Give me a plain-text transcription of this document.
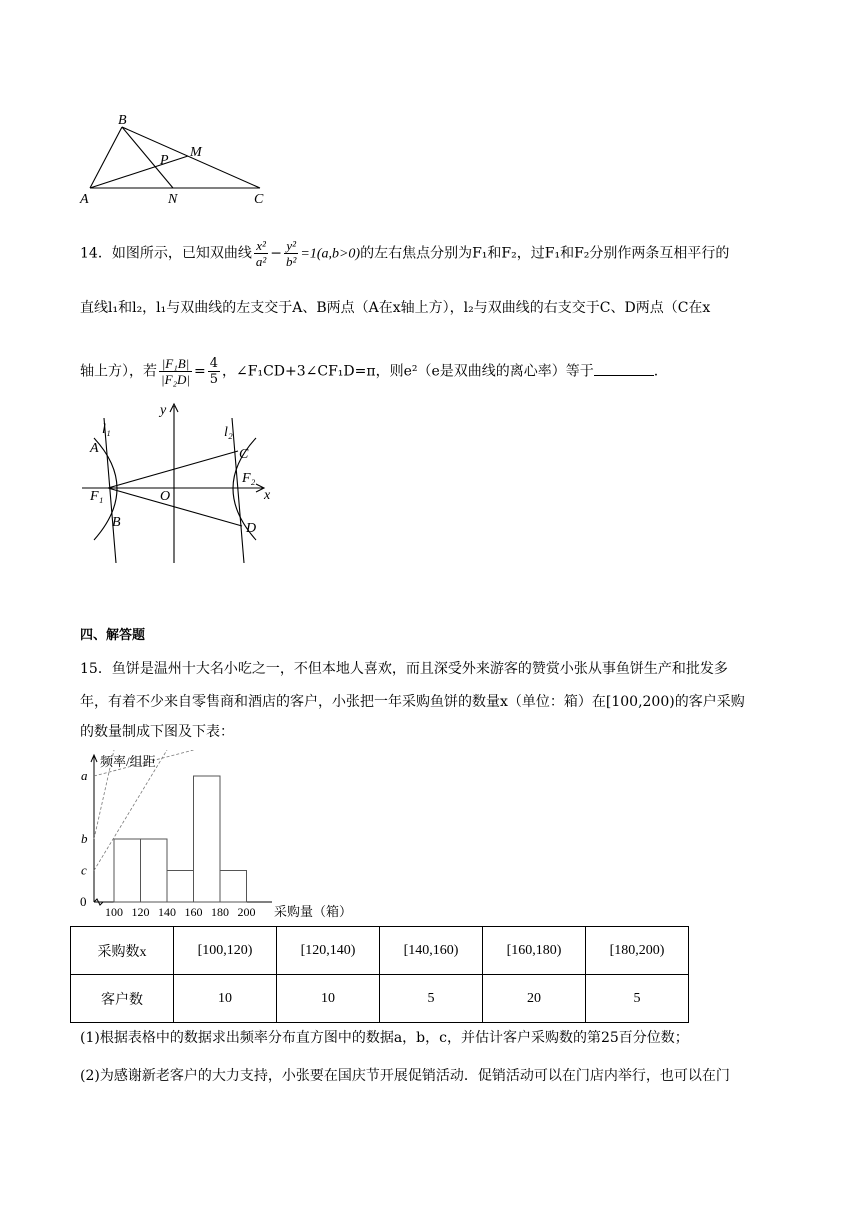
B
M
P
A	N	C
14．如图所示，已知双曲线 $\frac{\text{x²}}{\text{a²}} - \frac{\text{y²}}{\text{b²}} =1(a,b>0)$的左右焦点分别为F₁和F₂，过F₁和F₂分别作两条互相平行的
直线l₁和l₂，l₁与双曲线的左支交于A、B两点（A在x轴上方），l₂与双曲线的右支交于C、D两点（C在x
轴上方），若 $\frac{\text{|F₁B|}}{\text{|F₂D|}} = \frac{4}{5}$ ，∠F₁CD+3∠CF₁D=π，则e²（e是双曲线的离心率）等于	.
y
l₁	l₂
A	C
F₂
F₁	O	x
B	D
四、解答题
15．鱼饼是温州十大名小吃之一，不但本地人喜欢，而且深受外来游客的赞赏小张从事鱼饼生产和批发多
年，有着不少来自零售商和酒店的客户，小张把一年采购鱼饼的数量x（单位：箱）在[100,200)的客户采购
的数量制成下图及下表：
a
b
c
0
100 120 140 160 180 200
频率/组距
采购量（箱）
采购数x	[100,120)	[120,140)	[140,160)	[160,180)	[180,200)
客户数	10	10	5	20	5
(1)根据表格中的数据求出频率分布直方图中的数据a，b，c，并估计客户采购数的第25百分位数；
(2)为感谢新老客户的大力支持，小张要在国庆节开展促销活动．促销活动可以在门店内举行，也可以在门
